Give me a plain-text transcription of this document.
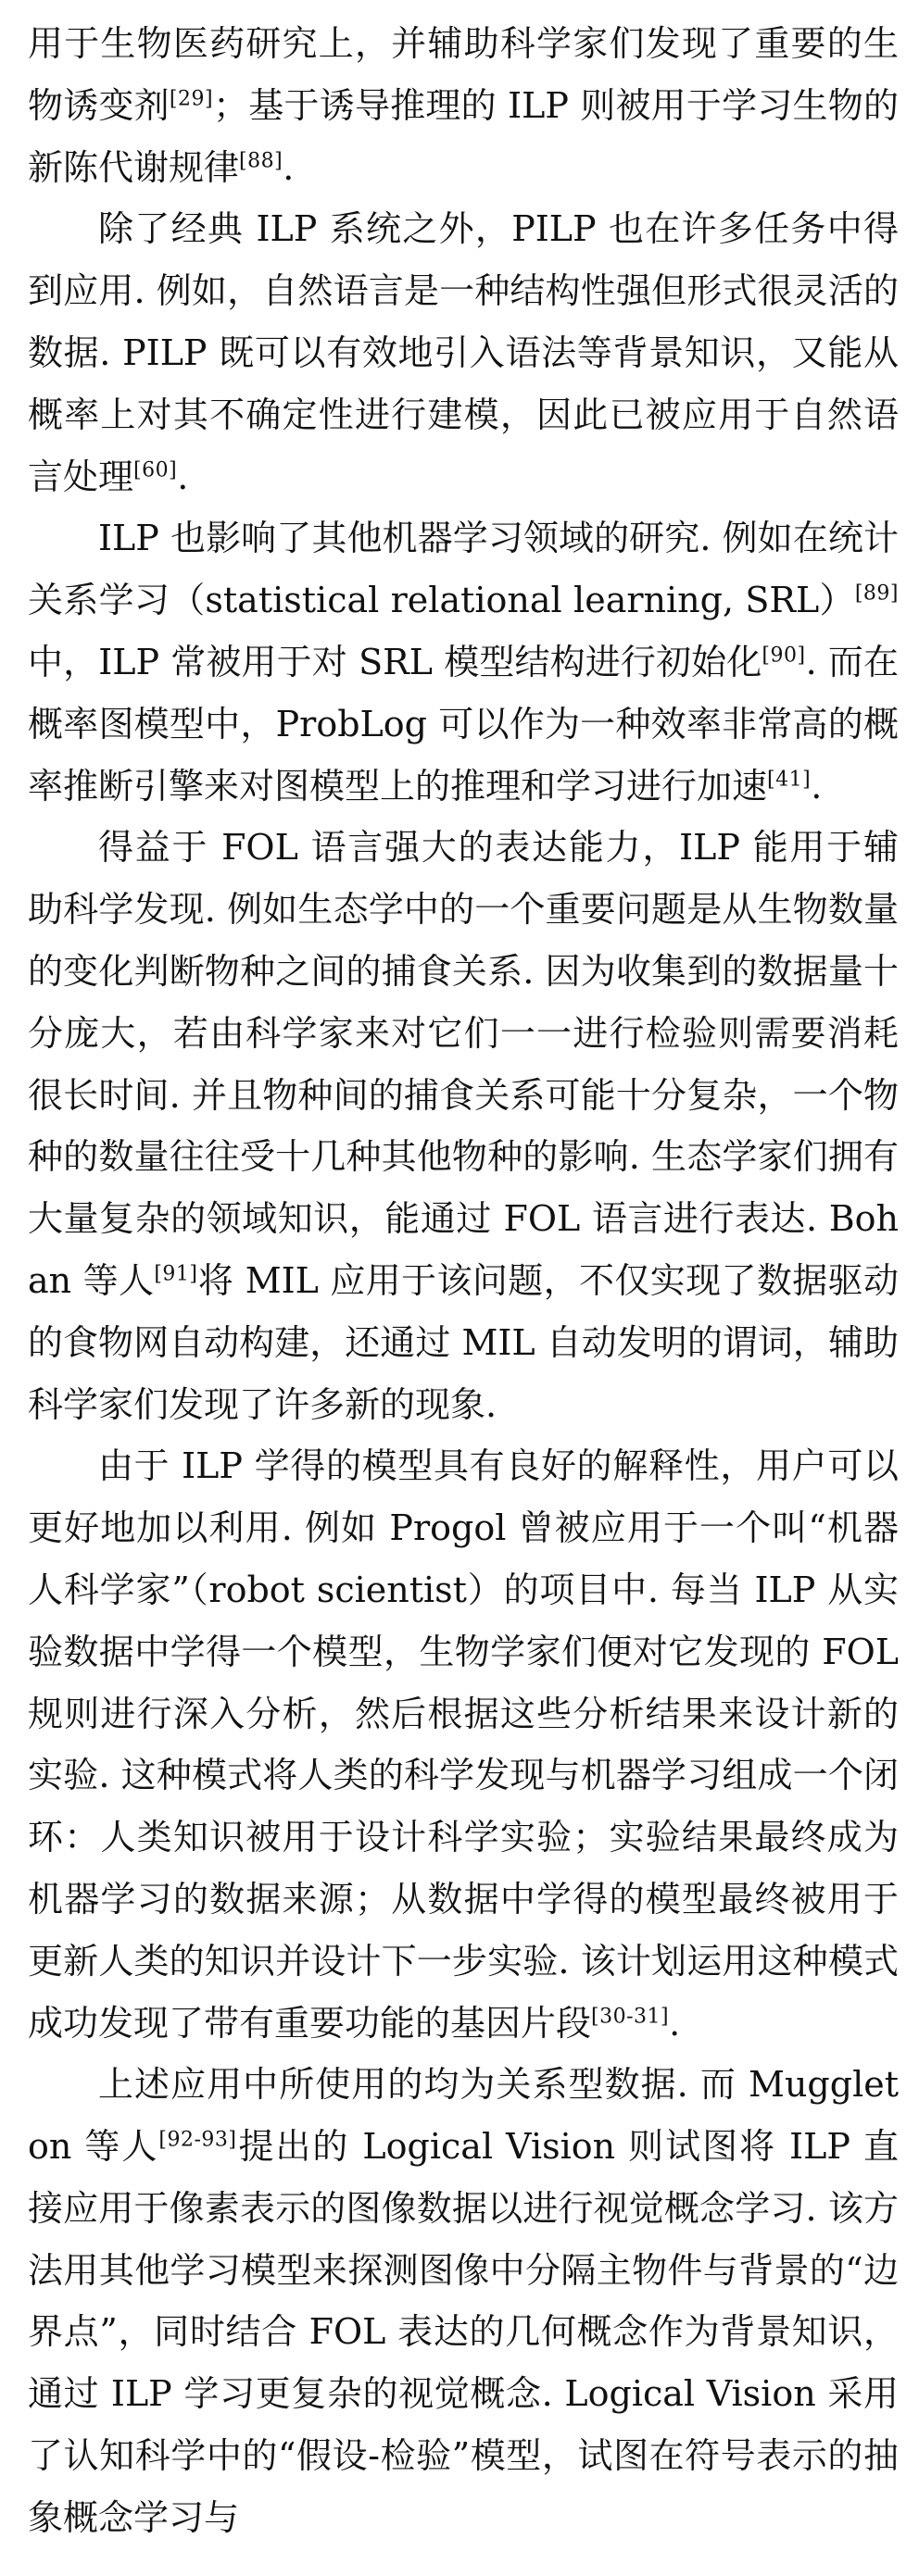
用于生物医药研究上，并辅助科学家们发现了重要的生物诱变剂[29]；基于诱导推理的 ILP 则被用于学习生物的新陈代谢规律[88].

除了经典 ILP 系统之外，PILP 也在许多任务中得到应用. 例如，自然语言是一种结构性强但形式很灵活的数据. PILP 既可以有效地引入语法等背景知识，又能从概率上对其不确定性进行建模，因此已被应用于自然语言处理[60].

ILP 也影响了其他机器学习领域的研究. 例如在统计关系学习（statistical relational learning, SRL）[89]中，ILP 常被用于对 SRL 模型结构进行初始化[90]. 而在概率图模型中，ProbLog 可以作为一种效率非常高的概率推断引擎来对图模型上的推理和学习进行加速[41].

得益于 FOL 语言强大的表达能力，ILP 能用于辅助科学发现. 例如生态学中的一个重要问题是从生物数量的变化判断物种之间的捕食关系. 因为收集到的数据量十分庞大，若由科学家来对它们一一进行检验则需要消耗很长时间. 并且物种间的捕食关系可能十分复杂，一个物种的数量往往受十几种其他物种的影响. 生态学家们拥有大量复杂的领域知识，能通过 FOL 语言进行表达. Bohan 等人[91]将 MIL 应用于该问题，不仅实现了数据驱动的食物网自动构建，还通过 MIL 自动发明的谓词，辅助科学家们发现了许多新的现象.

由于 ILP 学得的模型具有良好的解释性，用户可以更好地加以利用. 例如 Progol 曾被应用于一个叫“机器人科学家”（robot scientist）的项目中. 每当 ILP 从实验数据中学得一个模型，生物学家们便对它发现的 FOL 规则进行深入分析，然后根据这些分析结果来设计新的实验. 这种模式将人类的科学发现与机器学习组成一个闭环：人类知识被用于设计科学实验；实验结果最终成为机器学习的数据来源；从数据中学得的模型最终被用于更新人类的知识并设计下一步实验. 该计划运用这种模式成功发现了带有重要功能的基因片段[30-31].

上述应用中所使用的均为关系型数据. 而 Muggleton 等人[92-93]提出的 Logical Vision 则试图将 ILP 直接应用于像素表示的图像数据以进行视觉概念学习. 该方法用其他学习模型来探测图像中分隔主物件与背景的“边界点”，同时结合 FOL 表达的几何概念作为背景知识，通过 ILP 学习更复杂的视觉概念. Logical Vision 采用了认知科学中的“假设-检验”模型，试图在符号表示的抽象概念学习与
